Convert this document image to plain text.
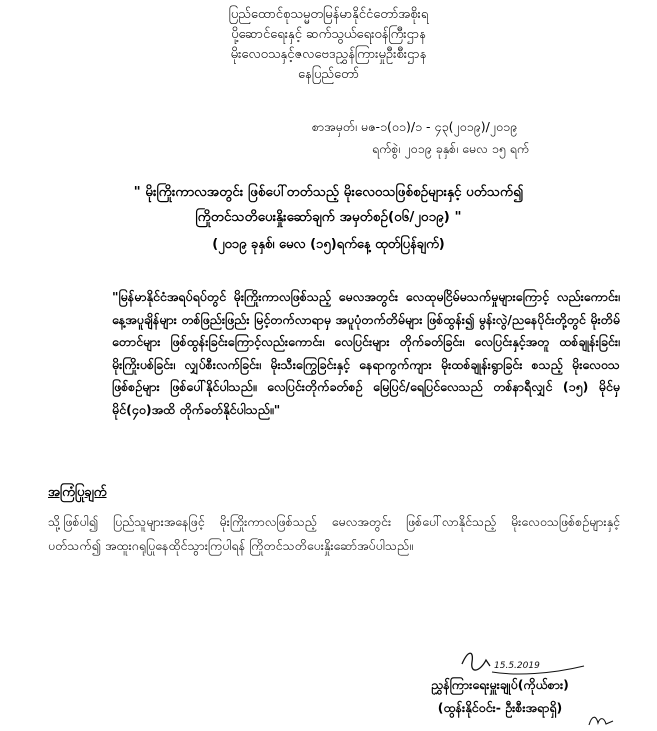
ပြည်ထောင်စုသမ္မတမြန်မာနိုင်ငံတော်အစိုးရ
ပို့ဆောင်ရေးနှင့် ဆက်သွယ်ရေးဝန်ကြီးဌာန
မိုးလေဝသနှင့်ဇလဗေဒညွှန်ကြားမှုဦးစီးဌာန
နေပြည်တော်
စာအမှတ်၊ မဇ-၁(၀၁)/၁ - ၄၃(၂၀၁၉)/၂၀၁၉
ရက်စွဲ၊ ၂၀၁၉ ခုနှစ်၊ မေလ ၁၅ ရက်
" မိုးကြိုးကာလအတွင်း ဖြစ်ပေါ်တတ်သည့် မိုးလေဝသဖြစ်စဉ်များနှင့် ပတ်သက်၍
ကြိုတင်သတိပေးနှိုးဆော်ချက် အမှတ်စဉ်(၀၆/၂၀၁၉) "
(၂၀၁၉ ခုနှစ်၊ မေလ (၁၅)ရက်နေ့ ထုတ်ပြန်ချက်)
"မြန်မာနိုင်ငံအရပ်ရပ်တွင် မိုးကြိုးကာလဖြစ်သည့် မေလအတွင်း လေထုမငြိမ်မသက်မှုများကြောင့် လည်းကောင်း၊ နေ့အပူချိန်များ တစ်ဖြည်းဖြည်း မြင့်တက်လာရာမှ အပူပုံတက်တိမ်များ ဖြစ်ထွန်း၍ မွန်းလွဲ/ညနေပိုင်းတို့တွင် မိုးတိမ်တောင်များ ဖြစ်ထွန်းခြင်းကြောင့်လည်းကောင်း၊ လေပြင်းများ တိုက်ခတ်ခြင်း၊ လေပြင်းနှင့်အတူ ထစ်ချုန်းခြင်း၊ မိုးကြိုးပစ်ခြင်း၊ လျှပ်စီးလက်ခြင်း၊ မိုးသီးကြွေခြင်းနှင့် နေရာကွက်ကျား မိုးထစ်ချုန်းရွာခြင်း စသည့် မိုးလေဝသဖြစ်စဉ်များ ဖြစ်ပေါ်နိုင်ပါသည်။ လေပြင်းတိုက်ခတ်စဉ် မြေပြင်/ရေပြင်လေသည် တစ်နာရီလျှင် (၁၅) မိုင်မှ မိုင်(၄၀)အထိ တိုက်ခတ်နိုင်ပါသည်။"
အကြံပြုချက်
သို့ဖြစ်ပါ၍ ပြည်သူများအနေဖြင့် မိုးကြိုးကာလဖြစ်သည့် မေလအတွင်း ဖြစ်ပေါ်လာနိုင်သည့် မိုးလေဝသဖြစ်စဉ်များနှင့် ပတ်သက်၍ အထူးဂရုပြုနေထိုင်သွားကြပါရန် ကြိုတင်သတိပေးနှိုးဆော်အပ်ပါသည်။
15.5.2019
ညွှန်ကြားရေးမှူးချုပ်(ကိုယ်စား)
(ထွန်းနိုင်ဝင်း- ဦးစီးအရာရှိ)
